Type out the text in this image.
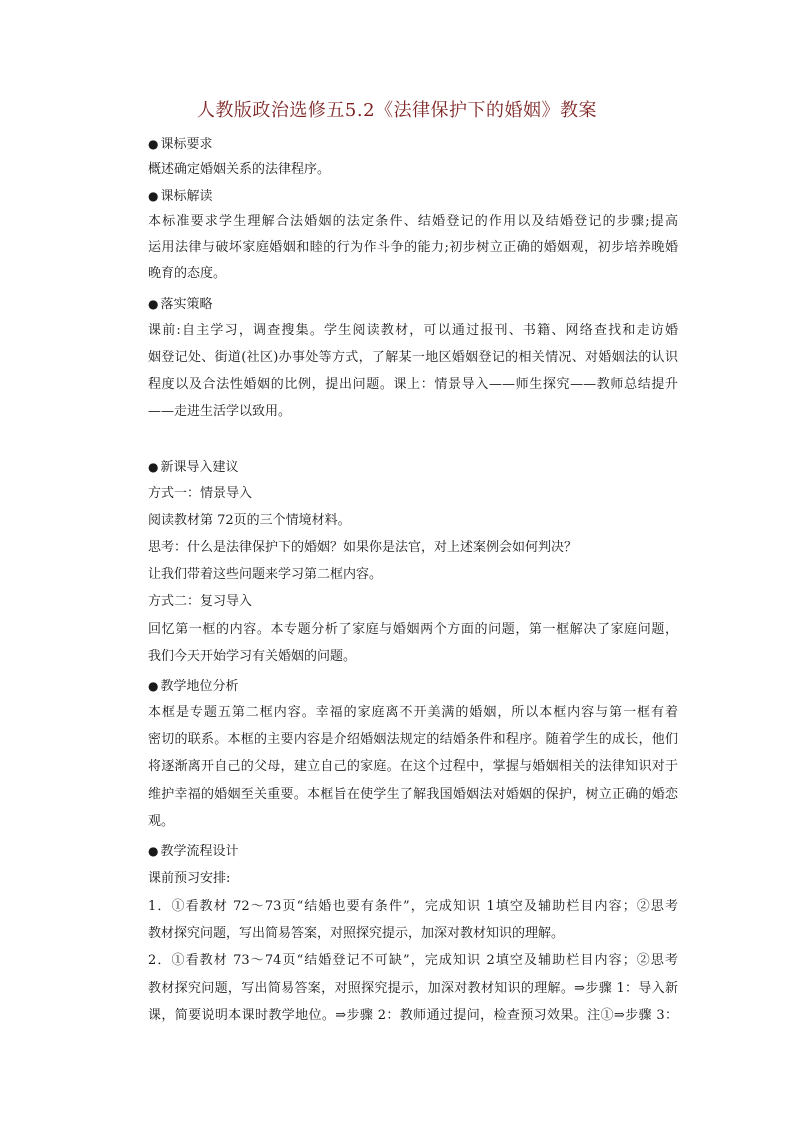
人教版政治选修五5.2《法律保护下的婚姻》教案
● 课标要求
概述确定婚姻关系的法律程序。
● 课标解读
本标准要求学生理解合法婚姻的法定条件、结婚登记的作用以及结婚登记的步骤;提高
运用法律与破坏家庭婚姻和睦的行为作斗争的能力;初步树立正确的婚姻观，初步培养晚婚
晚育的态度。
● 落实策略
课前:自主学习，调查搜集。学生阅读教材，可以通过报刊、书籍、网络查找和走访婚
姻登记处、街道(社区)办事处等方式，了解某一地区婚姻登记的相关情况、对婚姻法的认识
程度以及合法性婚姻的比例，提出问题。课上：情景导入——师生探究——教师总结提升
——走进生活学以致用。
● 新课导入建议
方式一：情景导入
阅读教材第 72页的三个情境材料。
思考：什么是法律保护下的婚姻？如果你是法官，对上述案例会如何判决？
让我们带着这些问题来学习第二框内容。
方式二：复习导入
回忆第一框的内容。本专题分析了家庭与婚姻两个方面的问题，第一框解决了家庭问题，
我们今天开始学习有关婚姻的问题。
● 教学地位分析
本框是专题五第二框内容。幸福的家庭离不开美满的婚姻，所以本框内容与第一框有着
密切的联系。本框的主要内容是介绍婚姻法规定的结婚条件和程序。随着学生的成长，他们
将逐渐离开自己的父母，建立自己的家庭。在这个过程中，掌握与婚姻相关的法律知识对于
维护幸福的婚姻至关重要。本框旨在使学生了解我国婚姻法对婚姻的保护，树立正确的婚恋
观。
● 教学流程设计
课前预习安排:
1．①看教材 72～73页“结婚也要有条件”，完成知识 1填空及辅助栏目内容；②思考
教材探究问题，写出简易答案，对照探究提示，加深对教材知识的理解。
2．①看教材 73～74页“结婚登记不可缺”，完成知识 2填空及辅助栏目内容；②思考
教材探究问题，写出简易答案，对照探究提示，加深对教材知识的理解。⇒步骤 1：导入新
课，简要说明本课时教学地位。⇒步骤 2：教师通过提问，检查预习效果。注①⇒步骤 3：
